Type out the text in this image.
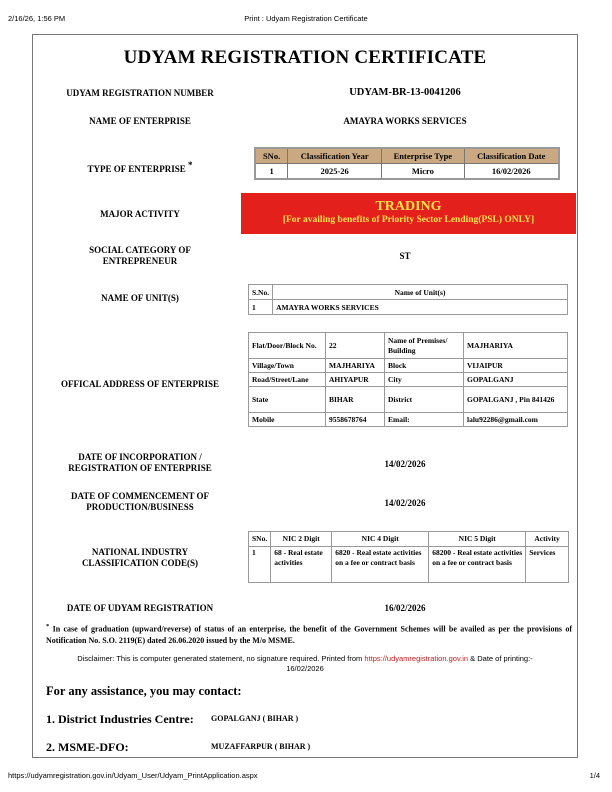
2/16/26, 1:56 PM	Print : Udyam Registration Certificate
UDYAM REGISTRATION CERTIFICATE
UDYAM REGISTRATION NUMBER	UDYAM-BR-13-0041206
NAME OF ENTERPRISE	AMAYRA WORKS SERVICES
TYPE OF ENTERPRISE *
SNo.	Classification Year	Enterprise Type	Classification Date
1	2025-26	Micro	16/02/2026
MAJOR ACTIVITY	TRADING
[For availing benefits of Priority Sector Lending(PSL) ONLY]
SOCIAL CATEGORY OF
ENTREPRENEUR	ST
NAME OF UNIT(S)
S.No.	Name of Unit(s)
1	AMAYRA WORKS SERVICES
OFFICAL ADDRESS OF ENTERPRISE
Flat/Door/Block No.	22	Name of Premises/ Building	MAJHARIYA
Village/Town	MAJHARIYA	Block	VIJAIPUR
Road/Street/Lane	AHIYAPUR	City	GOPALGANJ
State	BIHAR	District	GOPALGANJ , Pin 841426
Mobile	9558678764	Email:	lalu92286@gmail.com
DATE OF INCORPORATION /
REGISTRATION OF ENTERPRISE	14/02/2026
DATE OF COMMENCEMENT OF
PRODUCTION/BUSINESS	14/02/2026
NATIONAL INDUSTRY
CLASSIFICATION CODE(S)
SNo.	NIC 2 Digit	NIC 4 Digit	NIC 5 Digit	Activity
1	68 - Real estate activities	6820 - Real estate activities on a fee or contract basis	68200 - Real estate activities on a fee or contract basis	Services
DATE OF UDYAM REGISTRATION	16/02/2026
* In case of graduation (upward/reverse) of status of an enterprise, the benefit of the Government Schemes will be availed as per the provisions of Notification No. S.O. 2119(E) dated 26.06.2020 issued by the M/o MSME.
Disclaimer: This is computer generated statement, no signature required. Printed from https://udyamregistration.gov.in & Date of printing:-
16/02/2026
For any assistance, you may contact:
1. District Industries Centre: GOPALGANJ ( BIHAR )
2. MSME-DFO:	MUZAFFARPUR ( BIHAR )
https://udyamregistration.gov.in/Udyam_User/Udyam_PrintApplication.aspx	1/4
